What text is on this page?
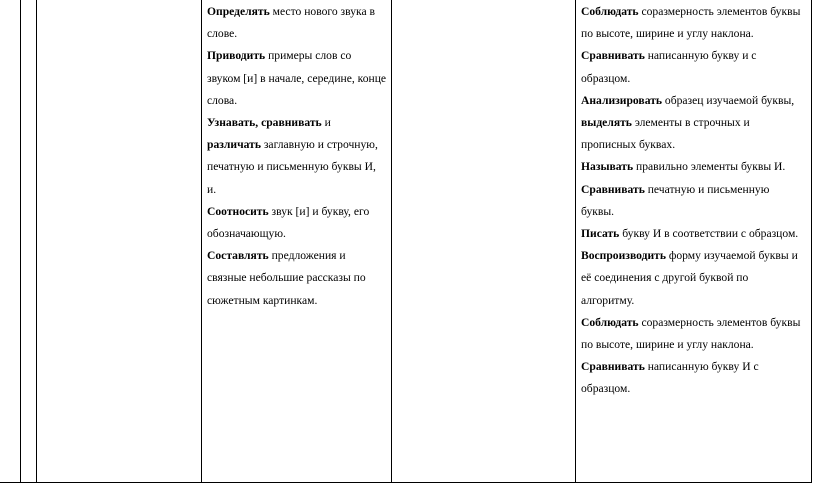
Определять место нового звука в слове.

Приводить примеры слов со звуком [и] в начале, середине, конце слова.

Узнавать, сравнивать и различать заглавную и строчную, печатную и письменную буквы И, и.

Соотносить звук [и] и букву, его обозначающую.

Составлять предложения и связные небольшие рассказы по сюжетным картинкам.

Соблюдать соразмерность элементов буквы по высоте, ширине и углу наклона.

Сравнивать написанную букву и с образцом.

Анализировать образец изучаемой буквы, выделять элементы в строчных и прописных буквах.

Называть правильно элементы буквы И.

Сравнивать печатную и письменную буквы.

Писать букву И в соответствии с образцом.

Воспроизводить форму изучаемой буквы и её соединения с другой буквой по алгоритму.

Соблюдать соразмерность элементов буквы по высоте, ширине и углу наклона.

Сравнивать написанную букву И с образцом.
